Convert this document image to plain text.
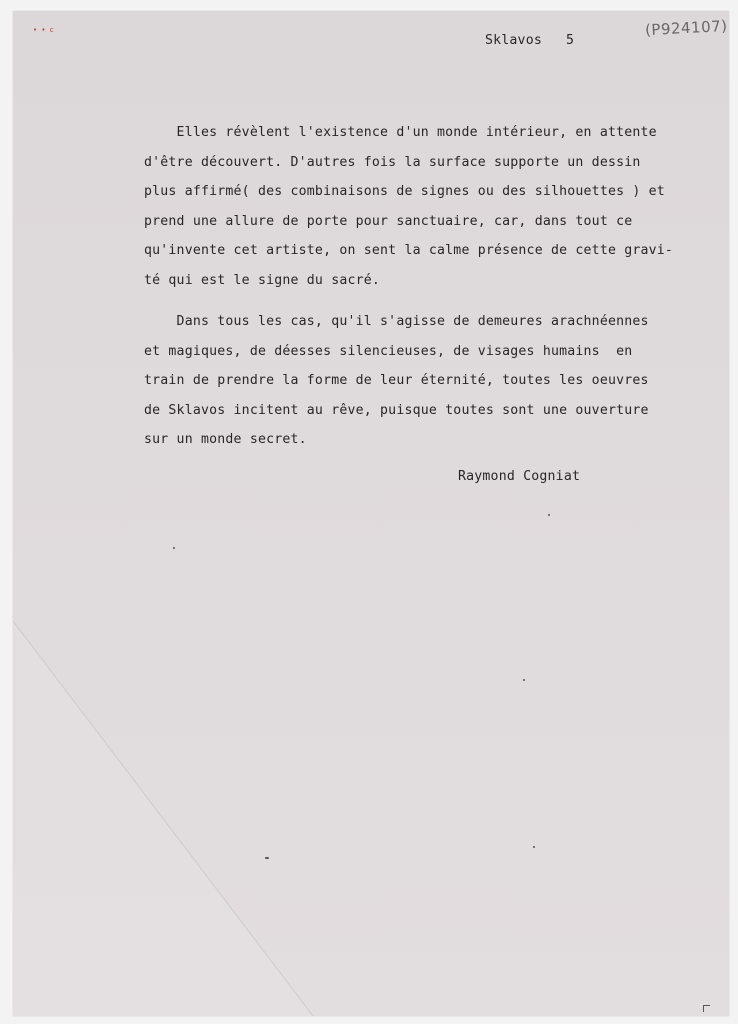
• • c	(P924107)
Sklavos 5

Elles révèlent l'existence d'un monde intérieur, en attente
d'être découvert. D'autres fois la surface supporte un dessin
plus affirmé( des combinaisons de signes ou des silhouettes ) et
prend une allure de porte pour sanctuaire, car, dans tout ce
qu'invente cet artiste, on sent la calme présence de cette gravi-
té qui est le signe du sacré.

Dans tous les cas, qu'il s'agisse de demeures arachnéennes
et magiques, de déesses silencieuses, de visages humains  en
train de prendre la forme de leur éternité, toutes les oeuvres
de Sklavos incitent au rêve, puisque toutes sont une ouverture
sur un monde secret.

Raymond Cogniat
